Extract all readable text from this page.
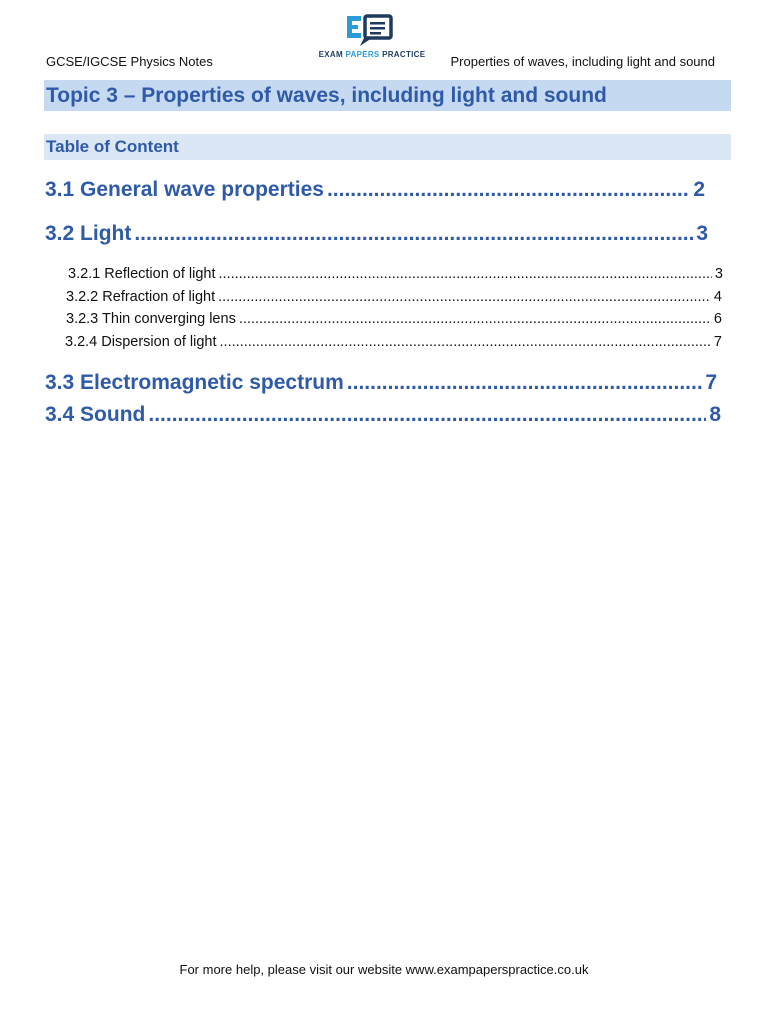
GCSE/IGCSE Physics Notes	EXAM PAPERS PRACTICE	Properties of waves, including light and sound
Topic 3 – Properties of waves, including light and sound
Table of Content
3.1 General wave properties .....	2
3.2 Light .....	3
3.2.1 Reflection of light .....	3
3.2.2 Refraction of light .....	4
3.2.3 Thin converging lens .....	6
3.2.4 Dispersion of light .....	7
3.3 Electromagnetic spectrum .....	7
3.4 Sound .....	8
For more help, please visit our website www.exampaperspractice.co.uk
